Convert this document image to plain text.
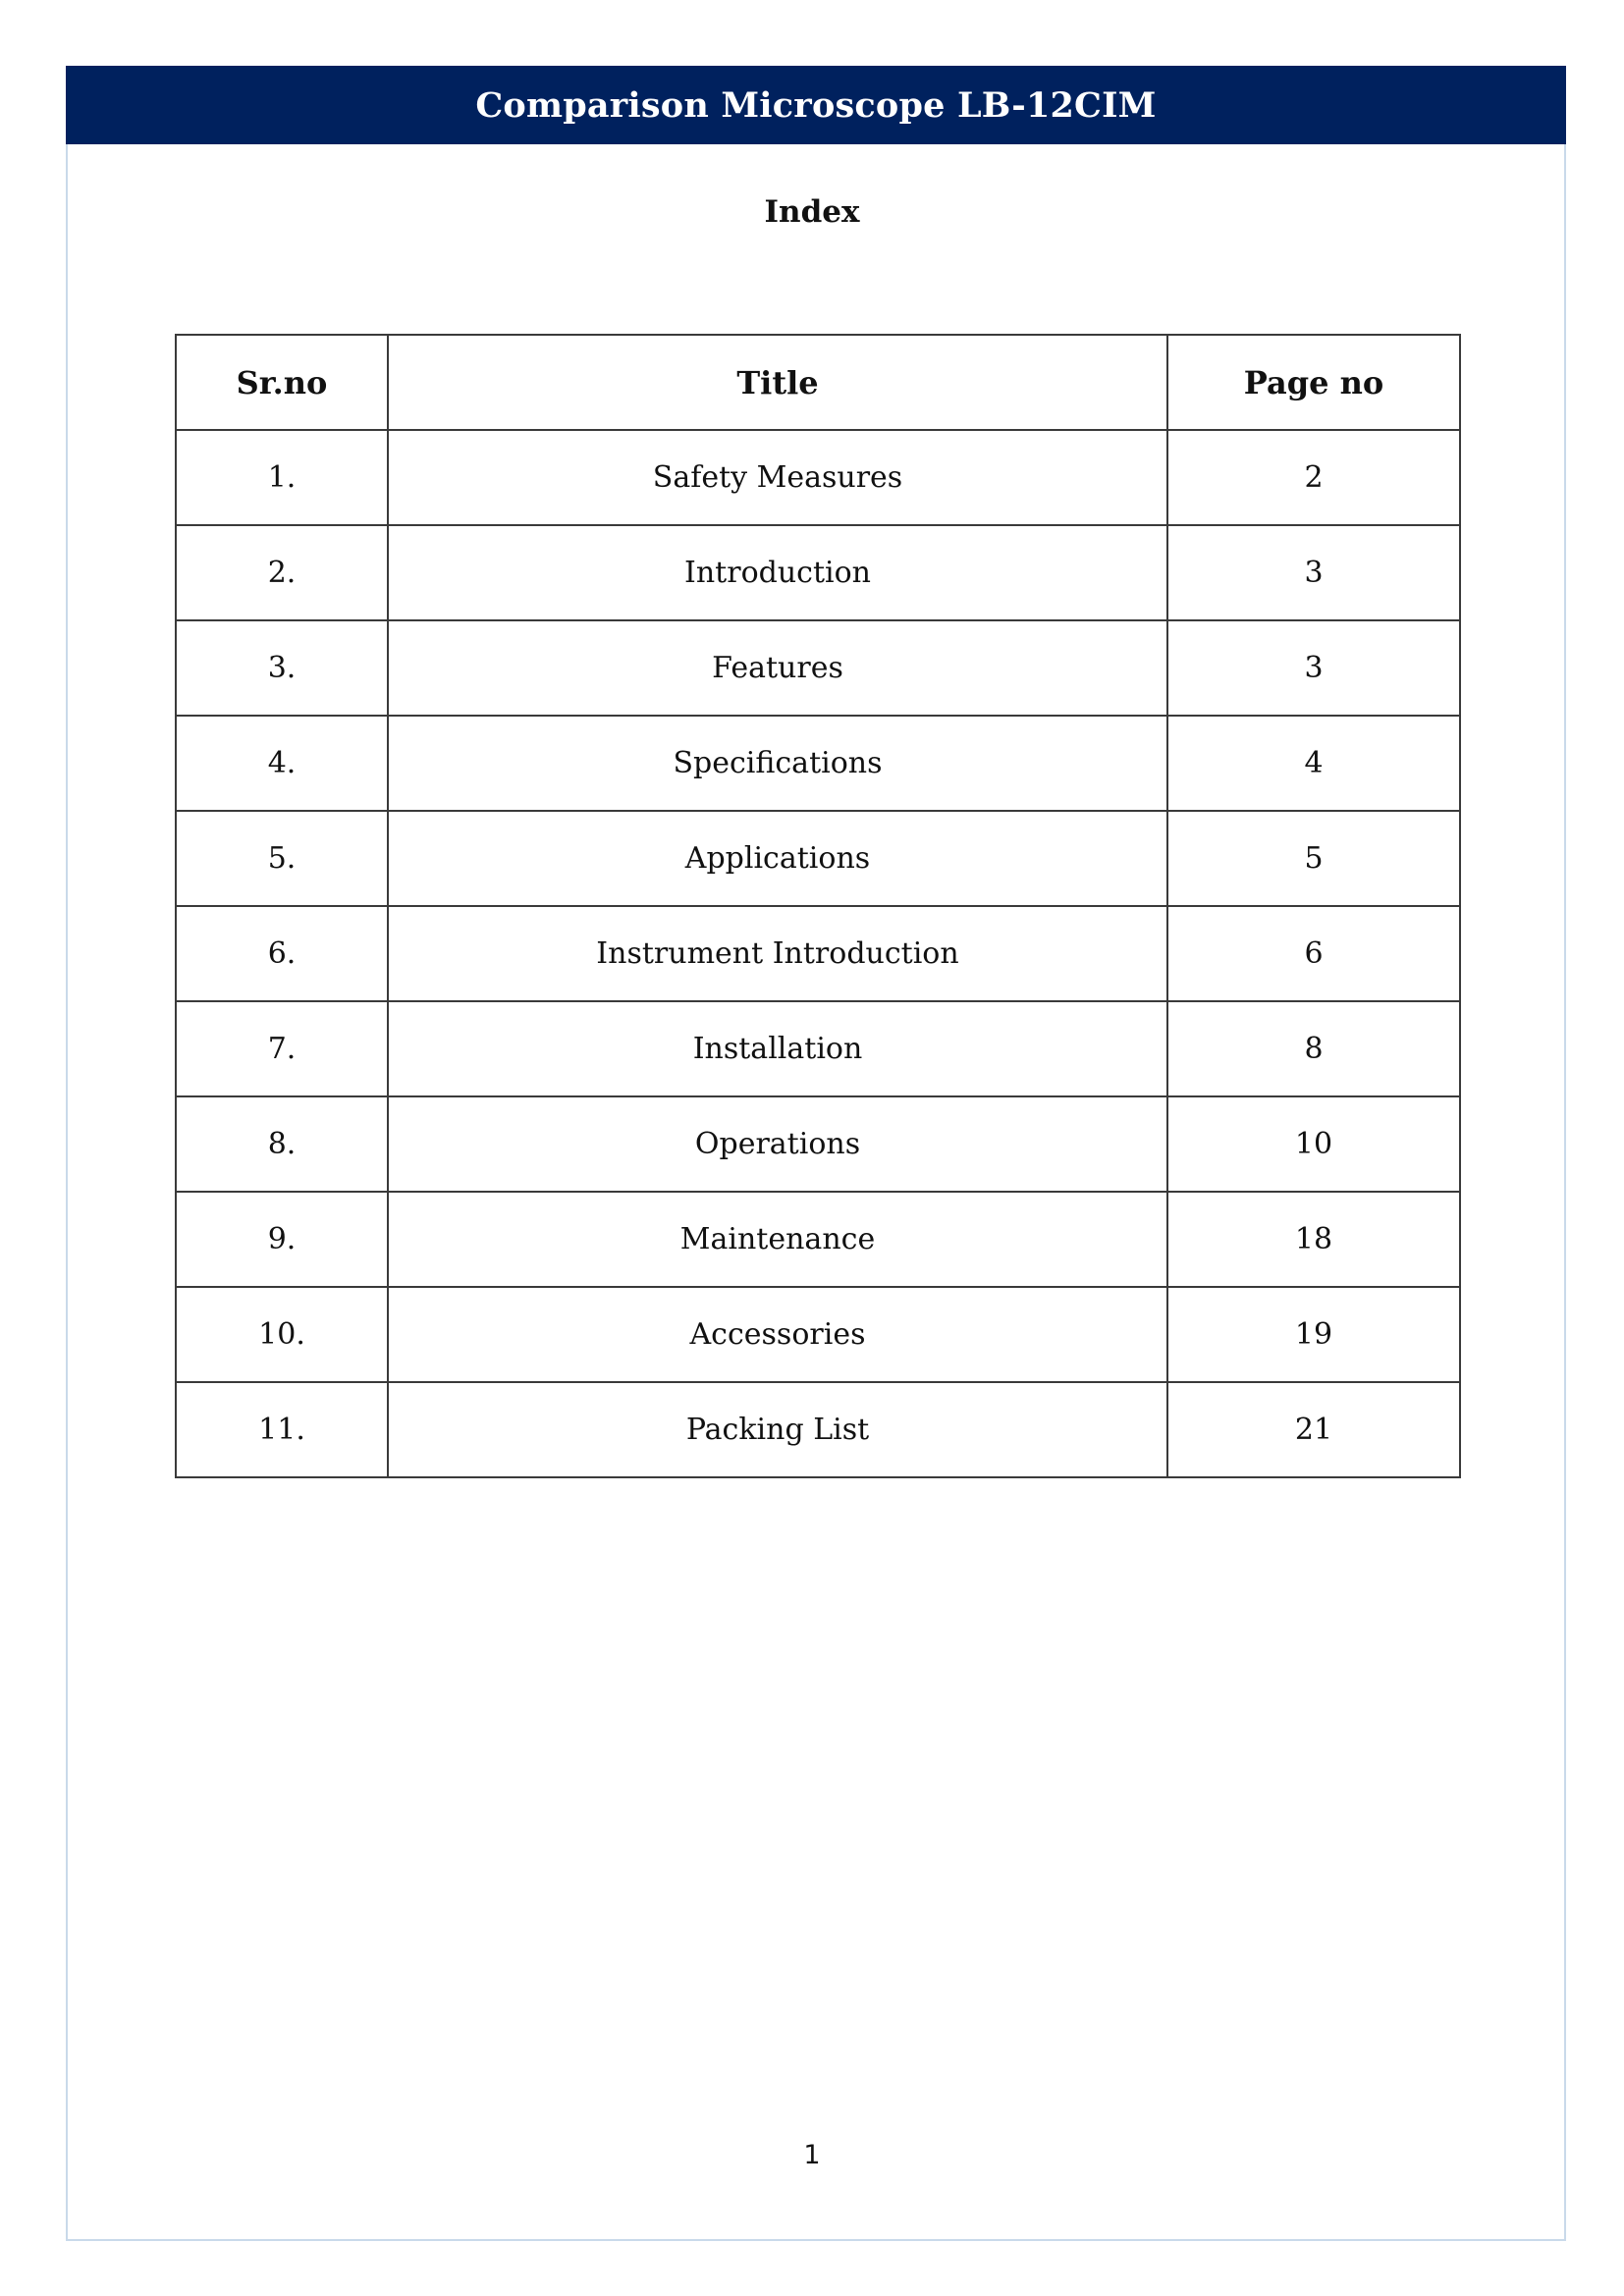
Comparison Microscope LB-12CIM
Index
Sr.no	Title	Page no
1.	Safety Measures	2
2.	Introduction	3
3.	Features	3
4.	Specifications	4
5.	Applications	5
6.	Instrument Introduction	6
7.	Installation	8
8.	Operations	10
9.	Maintenance	18
10.	Accessories	19
11.	Packing List	21
1
